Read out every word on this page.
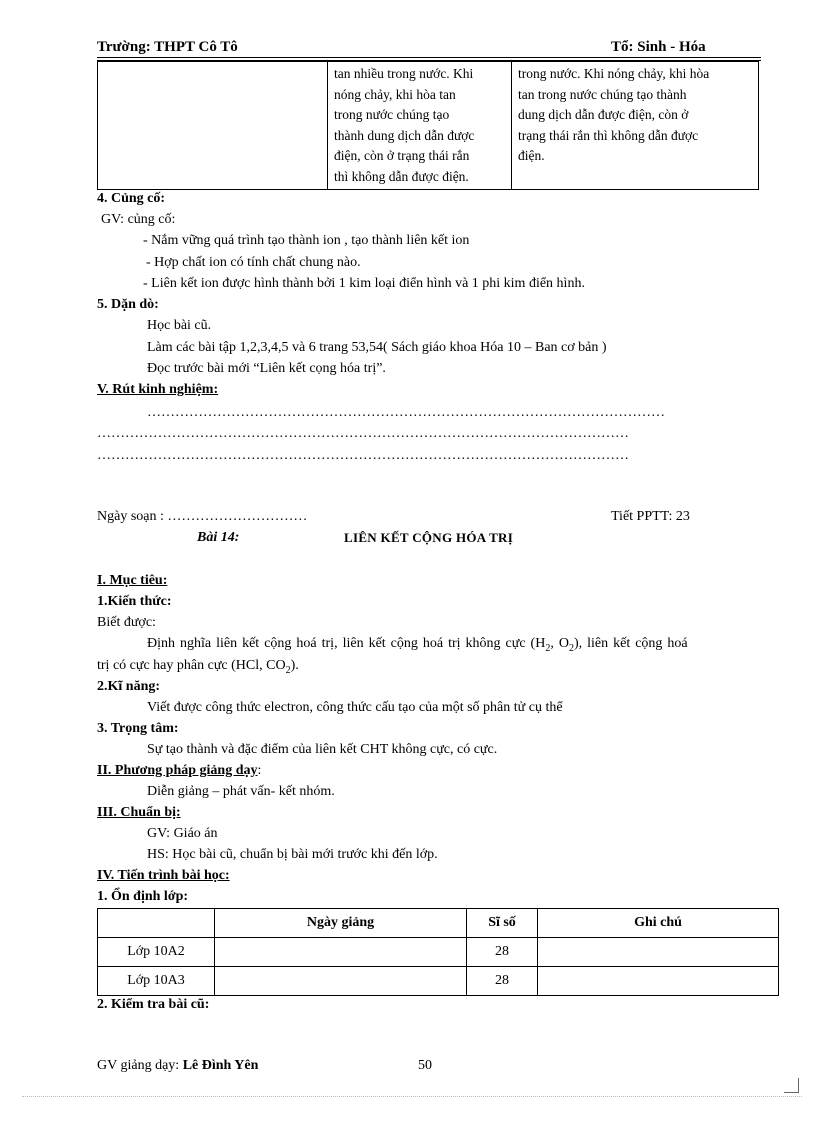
Trường: THPT Cô Tô	Tổ: Sinh - Hóa

tan nhiều trong nước. Khi
nóng chảy, khi hòa tan
trong nước chúng tạo
thành dung dịch dẫn được
điện, còn ở trạng thái rắn
thì không dẫn được điện.

trong nước. Khi nóng chảy, khi hòa
tan trong nước chúng tạo thành
dung dịch dẫn được điện, còn ở
trạng thái rắn thì không dẫn được
điện.
4. Củng cố:
GV: củng cố:
- Nắm vững quá trình tạo thành ion , tạo thành liên kết ion
- Hợp chất ion có tính chất chung nào.
- Liên kết ion được hình thành bởi 1 kim loại điển hình và 1 phi kim điển hình.
5. Dặn dò:
Học bài cũ.
Làm các bài tập 1,2,3,4,5 và 6 trang 53,54( Sách giáo khoa Hóa 10 – Ban cơ bản )
Đọc trước bài mới “Liên kết cọng hóa trị”.
V. Rút kinh nghiệm:
…………………………………………………………………………………………………
……………………………………………………………………………………………………
……………………………………………………………………………………………………
Ngày soạn : …………………………	Tiết PPTT: 23
Bài 14:	LIÊN KẾT CỘNG HÓA TRỊ
I. Mục tiêu:
1.Kiến thức:
Biết được:
Định nghĩa liên kết cộng hoá trị, liên kết cộng hoá trị không cực ($H_2$, $O_2$), liên kết cộng hoá
trị có cực hay phân cực (HCl, $CO_2$).
2.Kĩ năng:
Viết được công thức electron, công thức cấu tạo của một số phân tử cụ thể
3. Trọng tâm:
Sự tạo thành và đặc điểm của liên kết CHT không cực, có cực.
II. Phương pháp giảng dạy:
Diễn giảng – phát vấn- kết nhóm.
III. Chuẩn bị:
GV: Giáo án
HS: Học bài cũ, chuẩn bị bài mới trước khi đến lớp.
IV. Tiến trình bài học:
1. Ổn định lớp:
	Ngày giảng	Sĩ số	Ghi chú
Lớp 10A2		28	
Lớp 10A3		28	
2. Kiểm tra bài cũ:
GV giảng dạy: Lê Đình Yên	50
